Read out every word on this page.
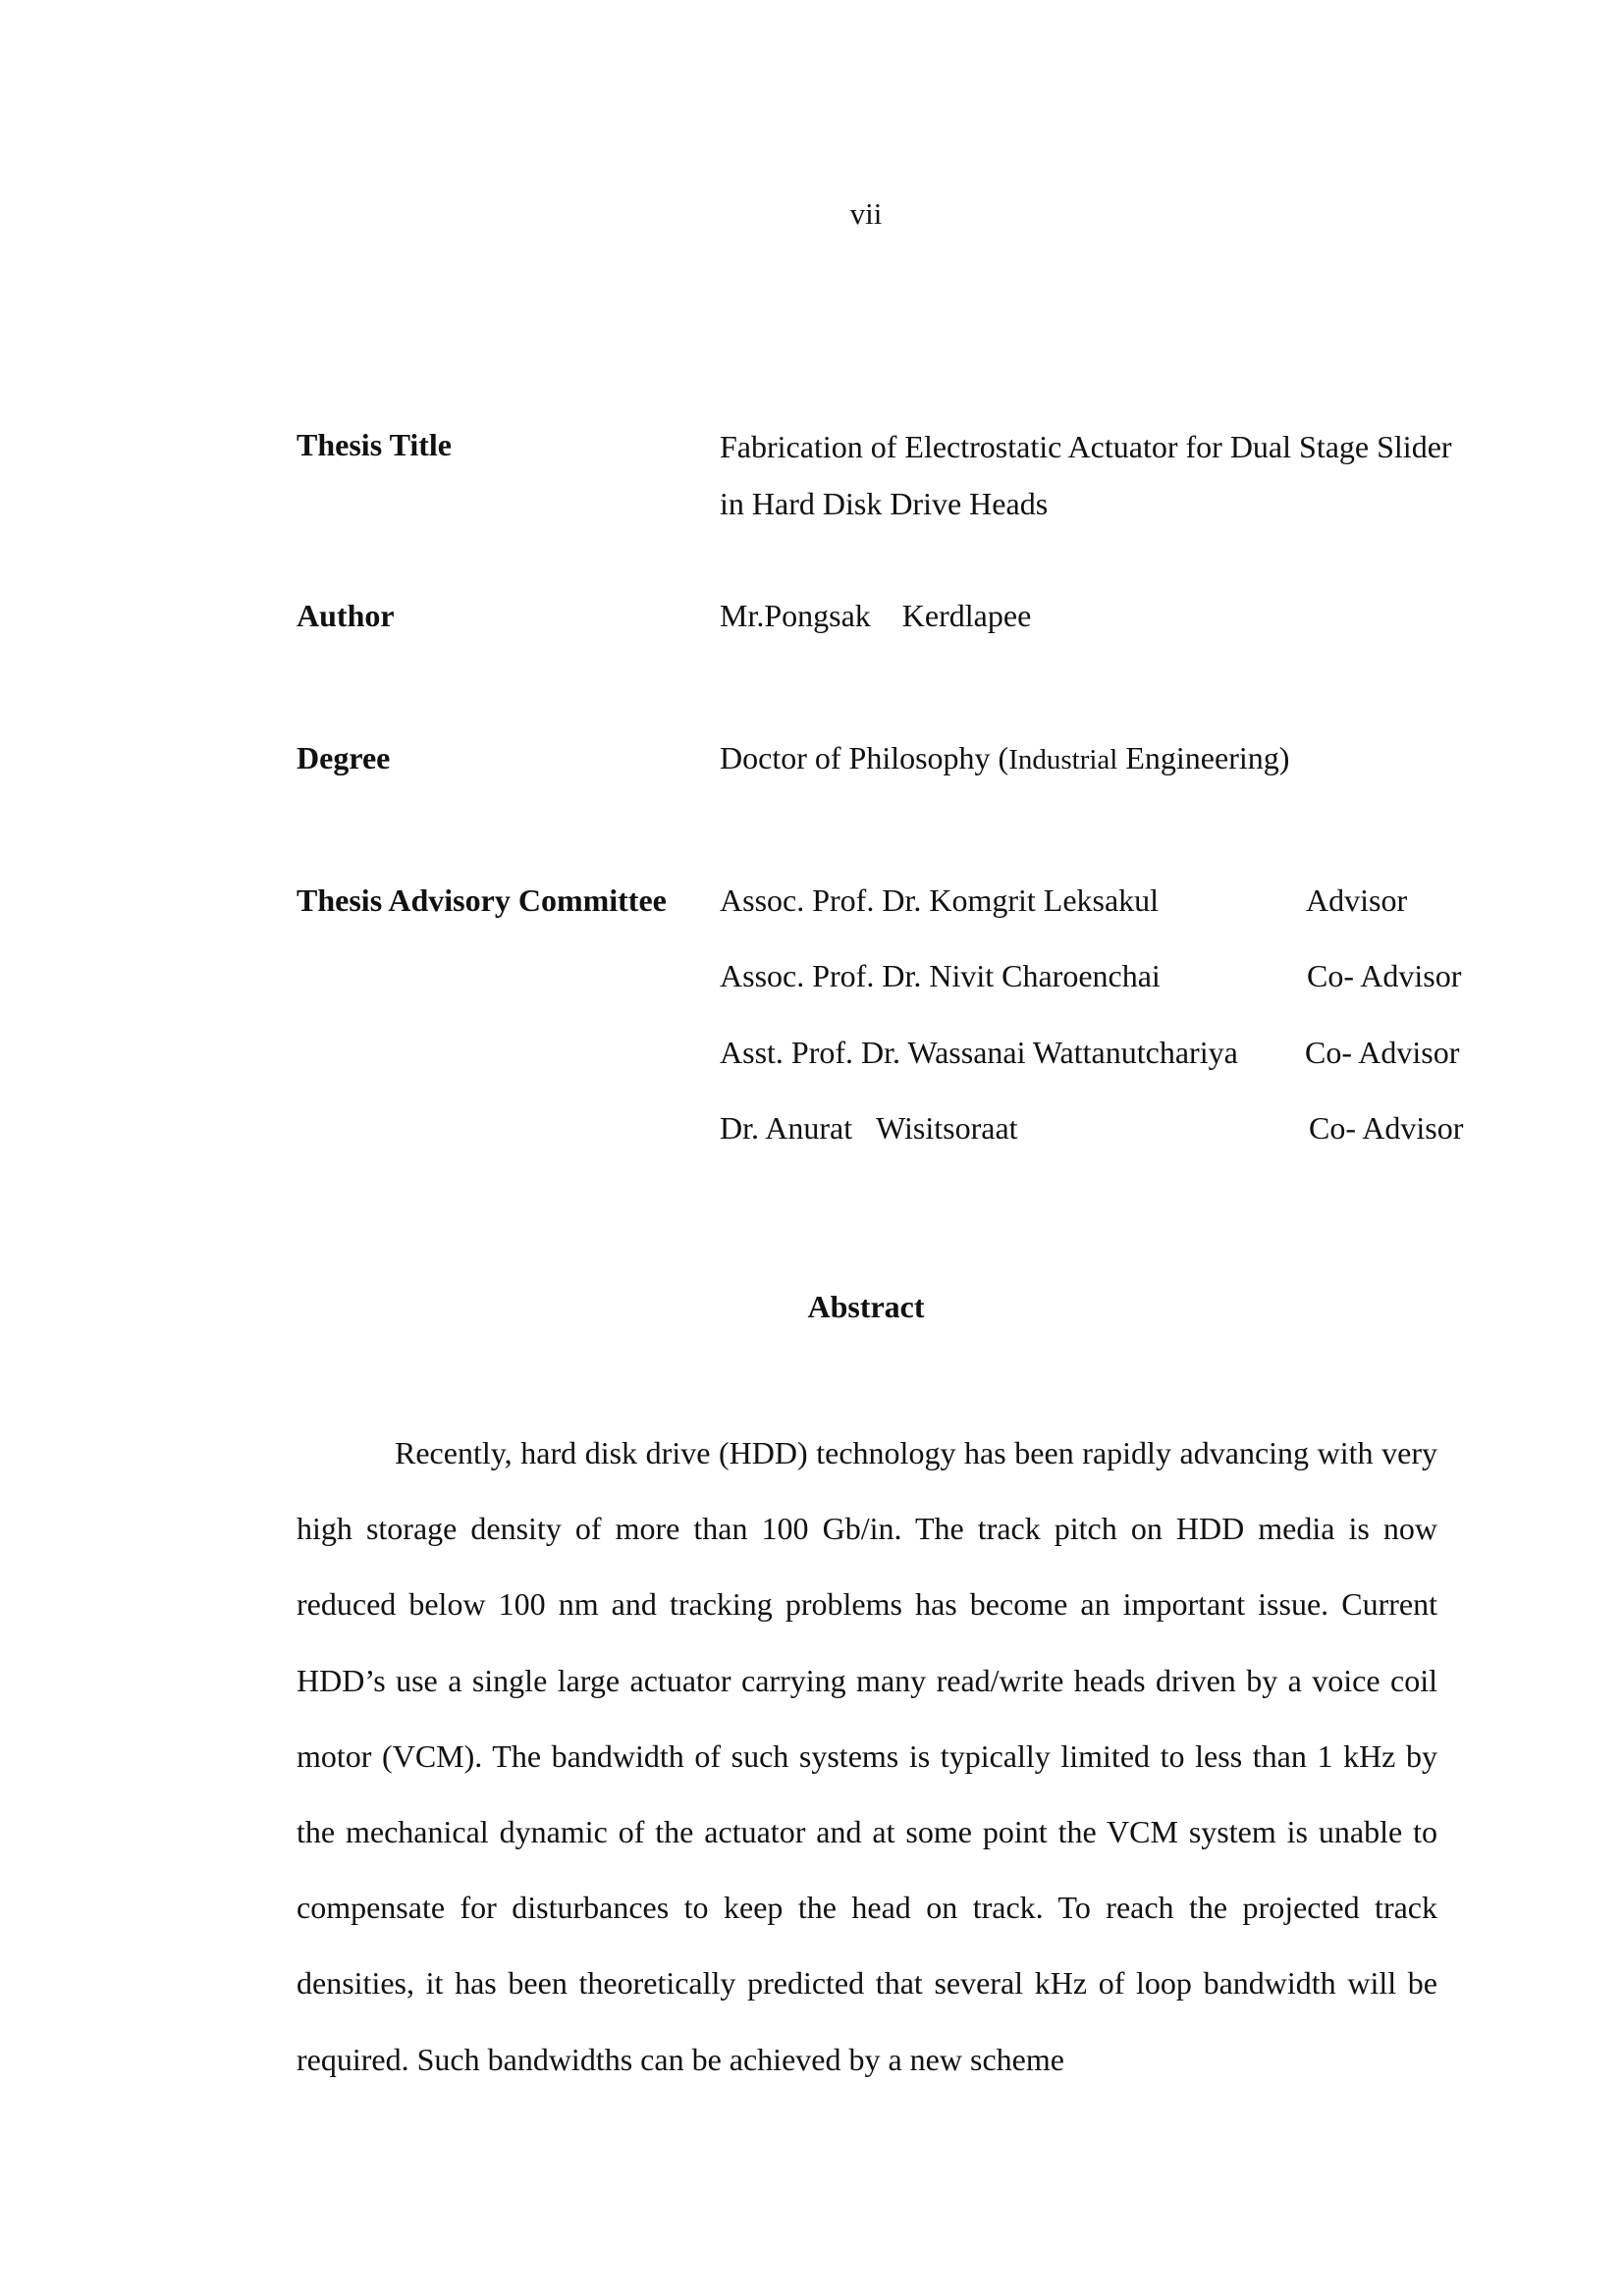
vii
Thesis Title	Fabrication of Electrostatic Actuator for Dual Stage Slider
in Hard Disk Drive Heads
Author	Mr.Pongsak    Kerdlapee
Degree	Doctor of Philosophy (Industrial Engineering)
Thesis Advisory Committee Assoc. Prof. Dr. Komgrit Leksakul	Advisor
Assoc. Prof. Dr. Nivit Charoenchai	Co- Advisor
Asst. Prof. Dr. Wassanai Wattanutchariya Co- Advisor
Dr. Anurat   Wisitsoraat	Co- Advisor
Abstract

Recently, hard disk drive (HDD) technology has been rapidly advancing with very high storage density of more than 100 Gb/in. The track pitch on HDD media is now reduced below 100 nm and tracking problems has become an important issue. Current HDD’s use a single large actuator carrying many read/write heads driven by a voice coil motor (VCM). The bandwidth of such systems is typically limited to less than 1 kHz by the mechanical dynamic of the actuator and at some point the VCM system is unable to compensate for disturbances to keep the head on track. To reach the projected track densities, it has been theoretically predicted that several kHz of loop bandwidth will be required. Such bandwidths can be achieved by a new scheme
